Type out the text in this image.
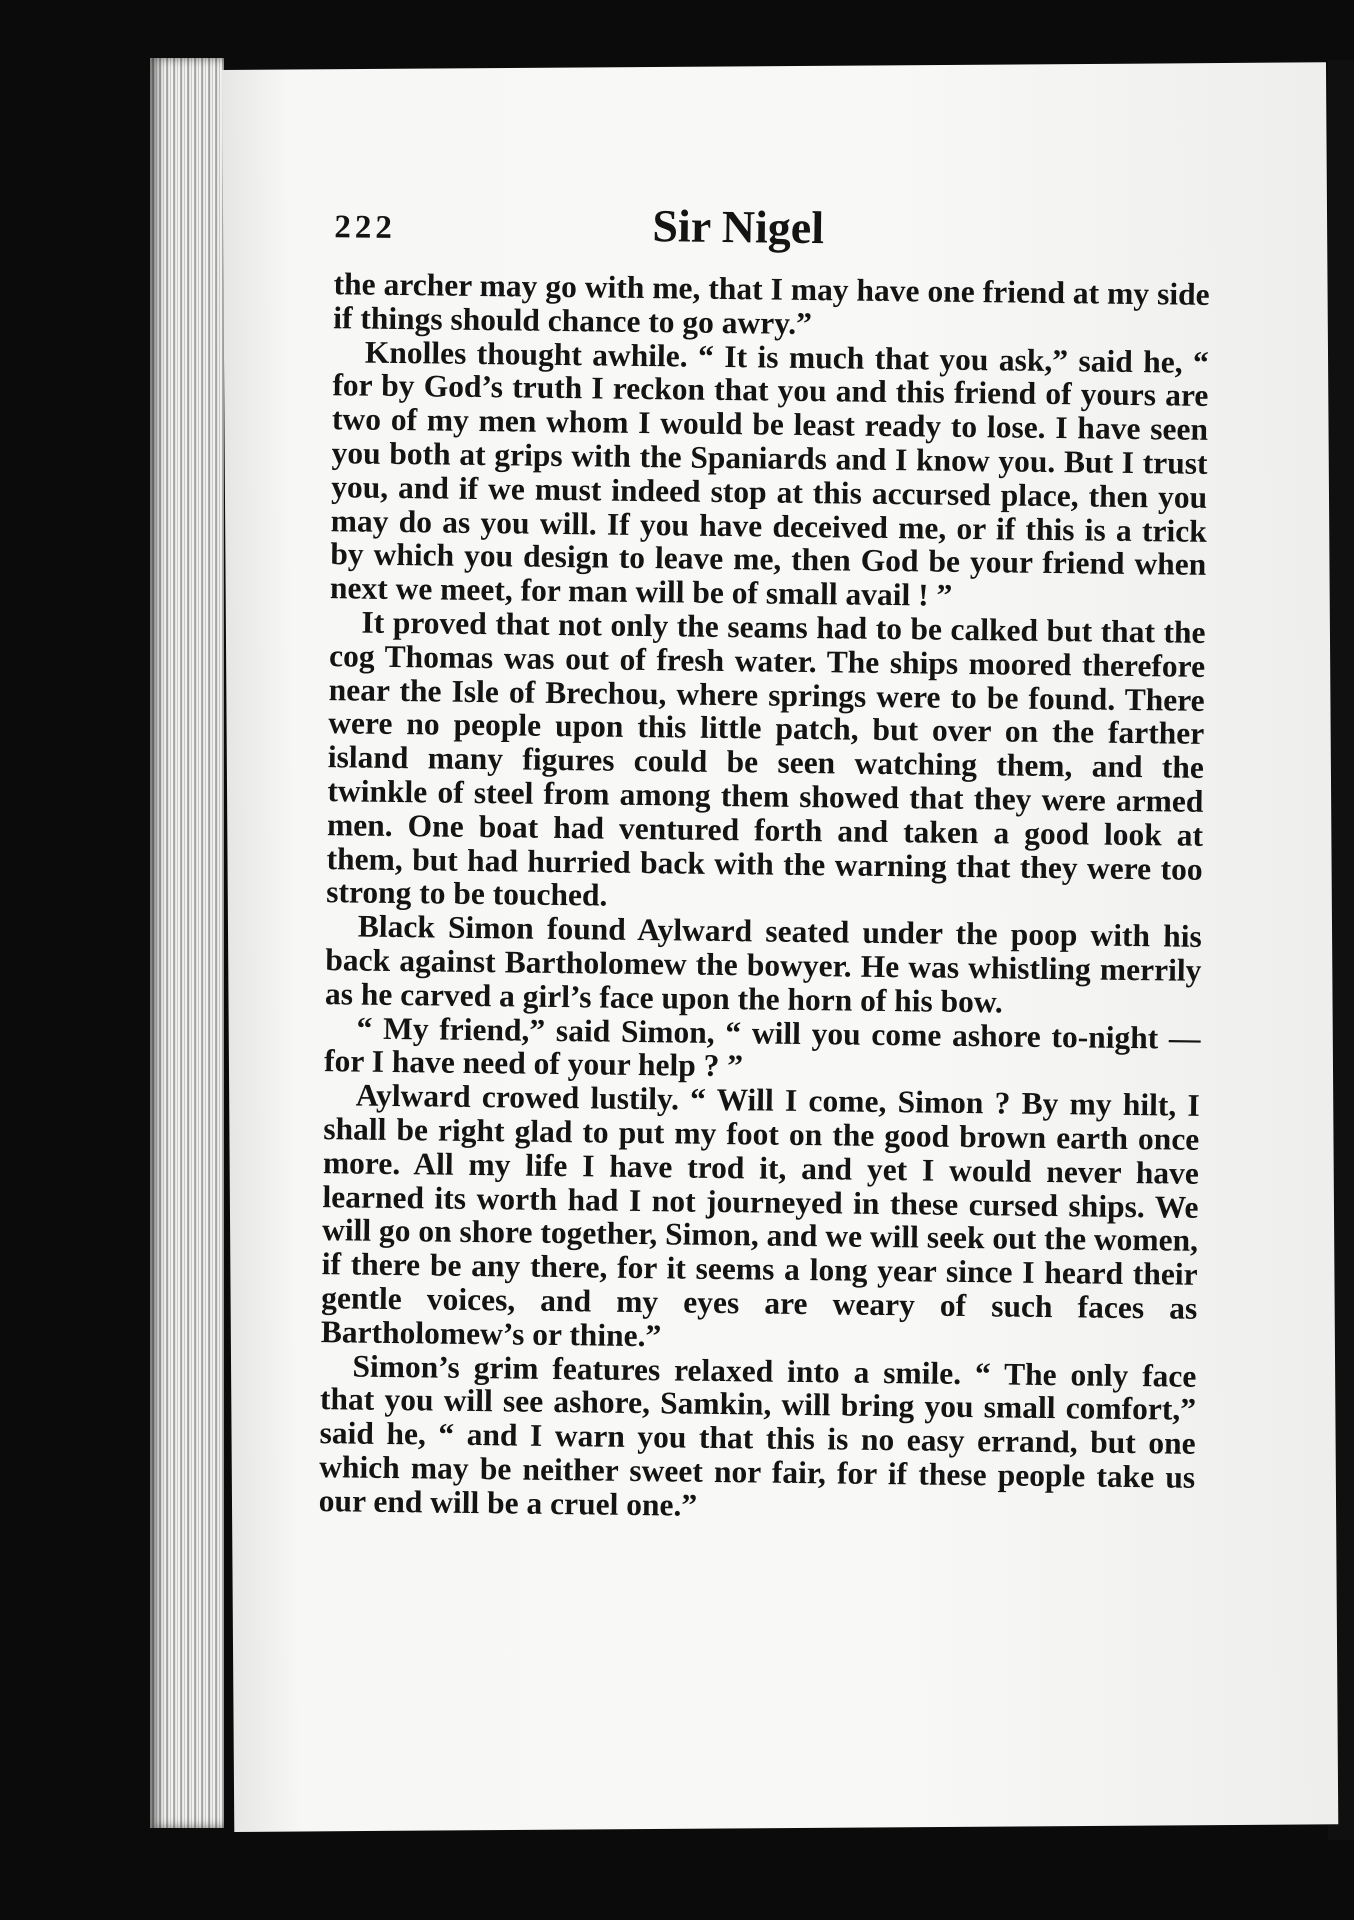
222	Sir Nigel

the archer may go with me, that I may have one friend at my side if things should chance to go awry.”

Knolles thought awhile. “ It is much that you ask,” said he, “ for by God’s truth I reckon that you and this friend of yours are two of my men whom I would be least ready to lose. I have seen you both at grips with the Spaniards and I know you. But I trust you, and if we must indeed stop at this accursed place, then you may do as you will. If you have deceived me, or if this is a trick by which you design to leave me, then God be your friend when next we meet, for man will be of small avail ! ”

It proved that not only the seams had to be calked but that the cog Thomas was out of fresh water. The ships moored therefore near the Isle of Brechou, where springs were to be found. There were no people upon this little patch, but over on the farther island many figures could be seen watching them, and the twinkle of steel from among them showed that they were armed men. One boat had ventured forth and taken a good look at them, but had hurried back with the warning that they were too strong to be touched.

Black Simon found Aylward seated under the poop with his back against Bartholomew the bowyer. He was whistling merrily as he carved a girl’s face upon the horn of his bow.

“ My friend,” said Simon, “ will you come ashore to-night —for I have need of your help ? ”

Aylward crowed lustily. “ Will I come, Simon ? By my hilt, I shall be right glad to put my foot on the good brown earth once more. All my life I have trod it, and yet I would never have learned its worth had I not journeyed in these cursed ships. We will go on shore together, Simon, and we will seek out the women, if there be any there, for it seems a long year since I heard their gentle voices, and my eyes are weary of such faces as Bartholomew’s or thine.”

Simon’s grim features relaxed into a smile. “ The only face that you will see ashore, Samkin, will bring you small comfort,” said he, “ and I warn you that this is no easy errand, but one which may be neither sweet nor fair, for if these people take us our end will be a cruel one.”
